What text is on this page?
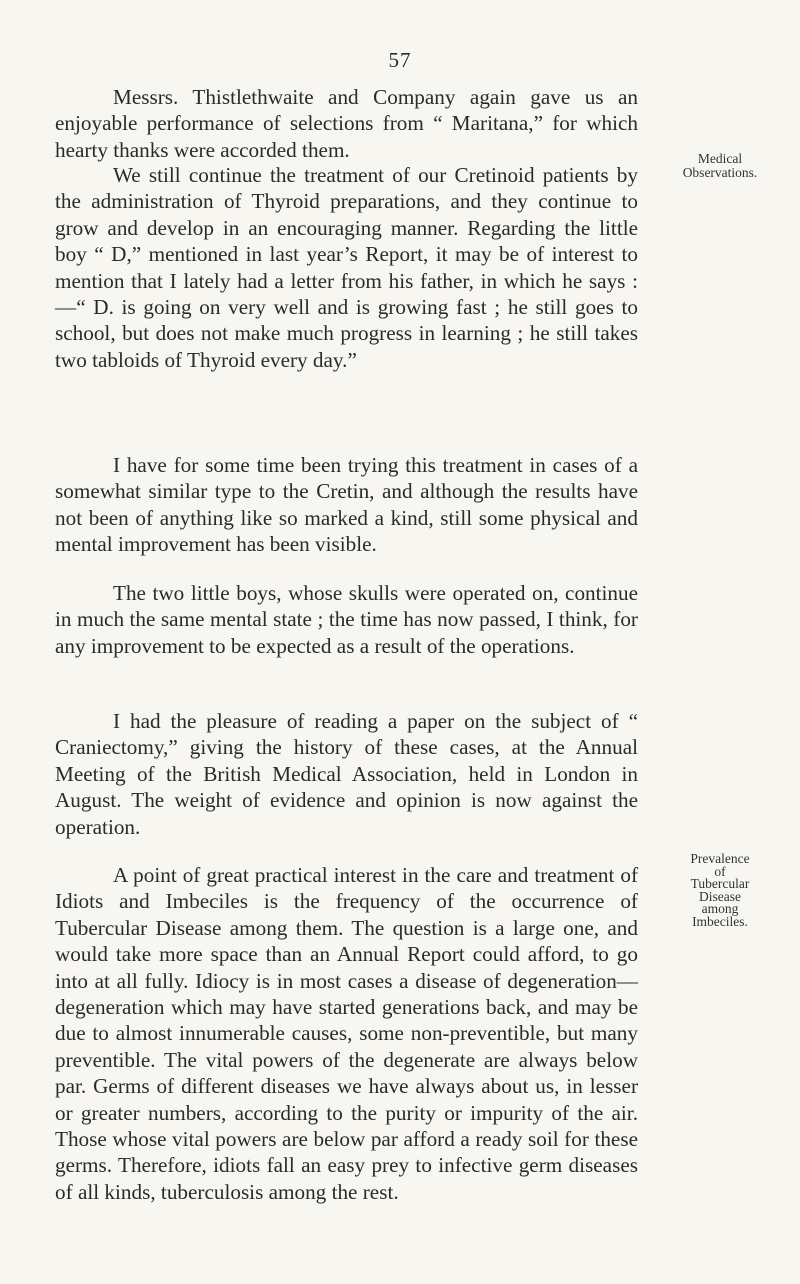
57

Messrs. Thistlethwaite and Company again gave us an enjoyable performance of selections from “ Maritana,” for which hearty thanks were accorded them.	Medical
Observations.

We still continue the treatment of our Cretinoid patients by the administration of Thyroid preparations, and they continue to grow and develop in an encouraging manner. Regarding the little boy “ D,” mentioned in last year’s Report, it may be of interest to mention that I lately had a letter from his father, in which he says :—“ D. is going on very well and is growing fast ; he still goes to school, but does not make much progress in learning ; he still takes two tabloids of Thyroid every day.”

I have for some time been trying this treatment in cases of a somewhat similar type to the Cretin, and although the results have not been of anything like so marked a kind, still some physical and mental improvement has been visible.

The two little boys, whose skulls were operated on, continue in much the same mental state ; the time has now passed, I think, for any improvement to be expected as a result of the operations.

I had the pleasure of reading a paper on the subject of “ Craniectomy,” giving the history of these cases, at the Annual Meeting of the British Medical Association, held in London in August. The weight of evidence and opinion is now against the operation.

Prevalence
of
Tubercular
Disease
among
Imbeciles.

A point of great practical interest in the care and treatment of Idiots and Imbeciles is the frequency of the occurrence of Tubercular Disease among them. The question is a large one, and would take more space than an Annual Report could afford, to go into at all fully. Idiocy is in most cases a disease of degeneration—degeneration which may have started generations back, and may be due to almost innumerable causes, some non-preventible, but many preventible. The vital powers of the degenerate are always below par. Germs of different diseases we have always about us, in lesser or greater numbers, according to the purity or impurity of the air. Those whose vital powers are below par afford a ready soil for these germs. Therefore, idiots fall an easy prey to infective germ diseases of all kinds, tuberculosis among the rest.
